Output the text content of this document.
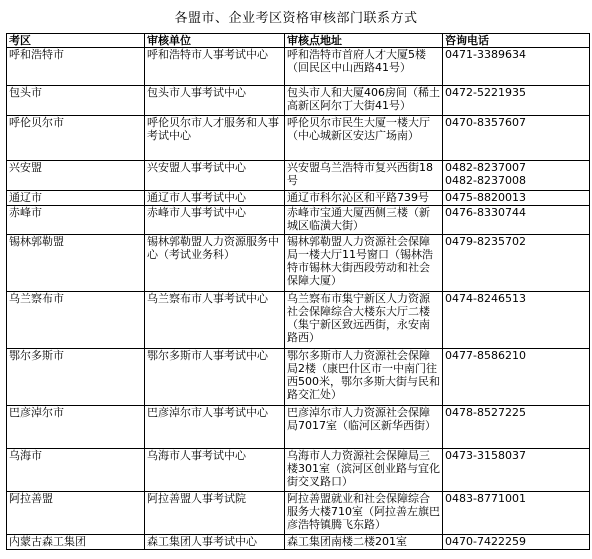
各盟市、企业考区资格审核部门联系方式
考区	审核单位	审核点地址	咨询电话
呼和浩特市	呼和浩特市人事考试中心	呼和浩特市首府人才大厦5楼（回民区中山西路41号）	0471-3389634
包头市	包头市人事考试中心	包头市人和大厦406房间（稀土高新区阿尔丁大街41号）	0472-5221935
呼伦贝尔市	呼伦贝尔市人才服务和人事考试中心	呼伦贝尔市民生大厦一楼大厅（中心城新区安达广场南）	0470-8357607
兴安盟	兴安盟人事考试中心	兴安盟乌兰浩特市复兴西街18号	0482-8237007
0482-8237008
通辽市	通辽市人事考试中心	通辽市科尔沁区和平路739号	0475-8820013
赤峰市	赤峰市人事考试中心	赤峰市宝通大厦西侧三楼（新城区临潢大街）	0476-8330744
锡林郭勒盟	锡林郭勒盟人力资源服务中心（考试业务科）	锡林郭勒盟人力资源社会保障局一楼大厅11号窗口（锡林浩特市锡林大街西段劳动和社会保障大厦）	0479-8235702
乌兰察布市	乌兰察布市人事考试中心	乌兰察布市集宁新区人力资源社会保障综合大楼东大厅二楼（集宁新区致远西街，永安南路西）	0474-8246513
鄂尔多斯市	鄂尔多斯市人事考试中心	鄂尔多斯市人力资源社会保障局2楼（康巴什区市一中南门往西500米，鄂尔多斯大街与民和路交汇处）	0477-8586210
巴彦淖尔市	巴彦淖尔市人事考试中心	巴彦淖尔市人力资源社会保障局7017室（临河区新华西街）	0478-8527225
乌海市	乌海市人事考试中心	乌海市人力资源社会保障局三楼301室（滨河区创业路与宜化街交叉路口）	0473-3158037
阿拉善盟	阿拉善盟人事考试院	阿拉善盟就业和社会保障综合服务大楼710室（阿拉善左旗巴彦浩特镇腾飞东路）	0483-8771001
内蒙古森工集团	森工集团人事考试中心	森工集团南楼二楼201室	0470-7422259
